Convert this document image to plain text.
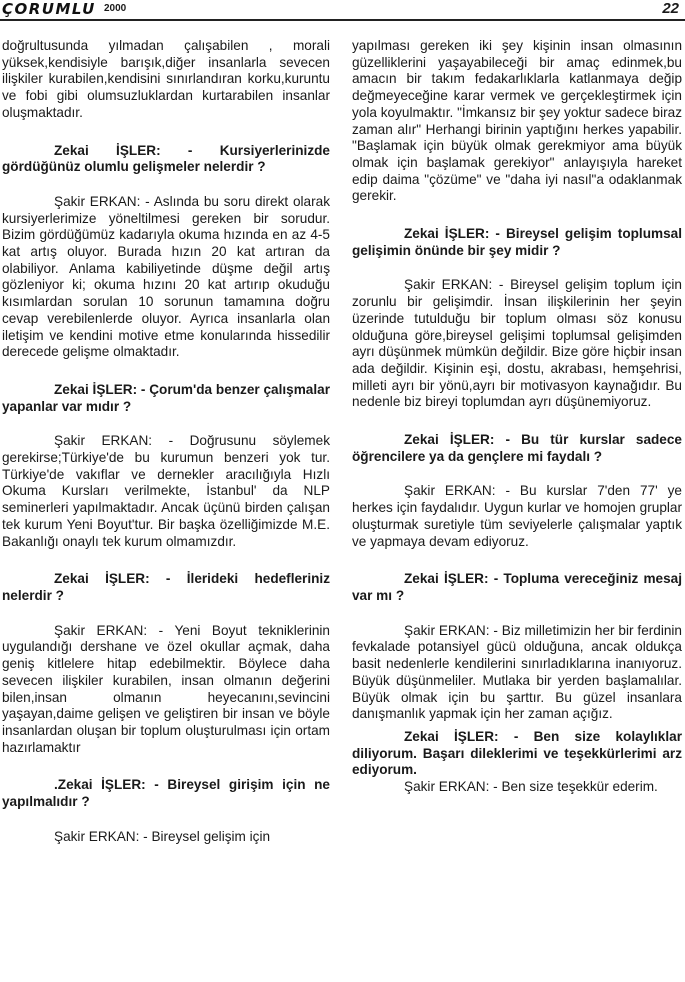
ÇORUMLU 2000	22

doğrultusunda yılmadan çalışabilen , morali yüksek,kendisiyle barışık,diğer insanlarla sevecen ilişkiler kurabilen,kendisini sınırlandıran korku,kuruntu ve fobi gibi olumsuzluklardan kurtarabilen insanlar oluşmaktadır.

Zekai İŞLER: - Kursiyerlerinizde gördüğünüz olumlu gelişmeler nelerdir ?

Şakir ERKAN: - Aslında bu soru direkt olarak kursiyerlerimize yöneltilmesi gereken bir sorudur. Bizim gördüğümüz kadarıyla okuma hızında en az 4-5 kat artış oluyor. Burada hızın 20 kat artıran da olabiliyor. Anlama kabiliyetinde düşme değil artış gözleniyor ki; okuma hızını 20 kat artırıp okuduğu kısımlardan sorulan 10 sorunun tamamına doğru cevap verebilenlerde oluyor. Ayrıca insanlarla olan iletişim ve kendini motive etme konularında hissedilir derecede gelişme olmaktadır.

Zekai İŞLER: - Çorum'da benzer çalışmalar yapanlar var mıdır ?

Şakir ERKAN: - Doğrusunu söylemek gerekirse;Türkiye'de bu kurumun benzeri yok tur. Türkiye'de vakıflar ve dernekler aracılığıyla Hızlı Okuma Kursları verilmekte, İstanbul' da NLP seminerleri yapılmaktadır. Ancak üçünü birden çalışan tek kurum Yeni Boyut'tur. Bir başka özelliğimizde M.E. Bakanlığı onaylı tek kurum olmamızdır.

Zekai İŞLER: - İlerideki hedefleriniz nelerdir ?

Şakir ERKAN: - Yeni Boyut tekniklerinin uygulandığı dershane ve özel okullar açmak, daha geniş kitlelere hitap edebilmektir. Böylece daha sevecen ilişkiler kurabilen, insan olmanın değerini bilen,insan olmanın heyecanını,sevincini yaşayan,daime gelişen ve geliştiren bir insan ve böyle insanlardan oluşan bir toplum oluşturulması için ortam hazırlamaktır

.Zekai İŞLER: - Bireysel girişim için ne yapılmalıdır ?

Şakir ERKAN: - Bireysel gelişim için

yapılması gereken iki şey kişinin insan olmasının güzelliklerini yaşayabileceği bir amaç edinmek,bu amacın bir takım fedakarlıklarla katlanmaya değip değmeyeceğine karar vermek ve gerçekleştirmek için yola koyulmaktır. "İmkansız bir şey yoktur sadece biraz zaman alır" Herhangi birinin yaptığını herkes yapabilir. "Başlamak için büyük olmak gerekmiyor ama büyük olmak için başlamak gerekiyor" anlayışıyla hareket edip daima "çözüme" ve "daha iyi nasıl"a odaklanmak gerekir.

Zekai İŞLER: - Bireysel gelişim toplumsal gelişimin önünde bir şey midir ?

Şakir ERKAN: - Bireysel gelişim toplum için zorunlu bir gelişimdir. İnsan ilişkilerinin her şeyin üzerinde tutulduğu bir toplum olması söz konusu olduğuna göre,bireysel gelişimi toplumsal gelişimden ayrı düşünmek mümkün değildir. Bize göre hiçbir insan ada değildir. Kişinin eşi, dostu, akrabası, hemşehrisi, milleti ayrı bir yönü,ayrı bir motivasyon kaynağıdır. Bu nedenle biz bireyi toplumdan ayrı düşünemiyoruz.

Zekai İŞLER: - Bu tür kurslar sadece öğrencilere ya da gençlere mi faydalı ?

Şakir ERKAN: - Bu kurslar 7'den 77' ye herkes için faydalıdır. Uygun kurlar ve homojen gruplar oluşturmak suretiyle tüm seviyelerle çalışmalar yaptık ve yapmaya devam ediyoruz.

Zekai İŞLER: - Topluma vereceğiniz mesaj var mı ?

Şakir ERKAN: - Biz milletimizin her bir ferdinin fevkalade potansiyel gücü olduğuna, ancak oldukça basit nedenlerle kendilerini sınırladıklarına inanıyoruz. Büyük düşünmeliler. Mutlaka bir yerden başlamalılar. Büyük olmak için bu şarttır. Bu güzel insanlara danışmanlık yapmak için her zaman açığız.

Zekai İŞLER: - Ben size kolaylıklar diliyorum. Başarı dileklerimi ve teşekkürlerimi arz ediyorum.

Şakir ERKAN: - Ben size teşekkür ederim.
